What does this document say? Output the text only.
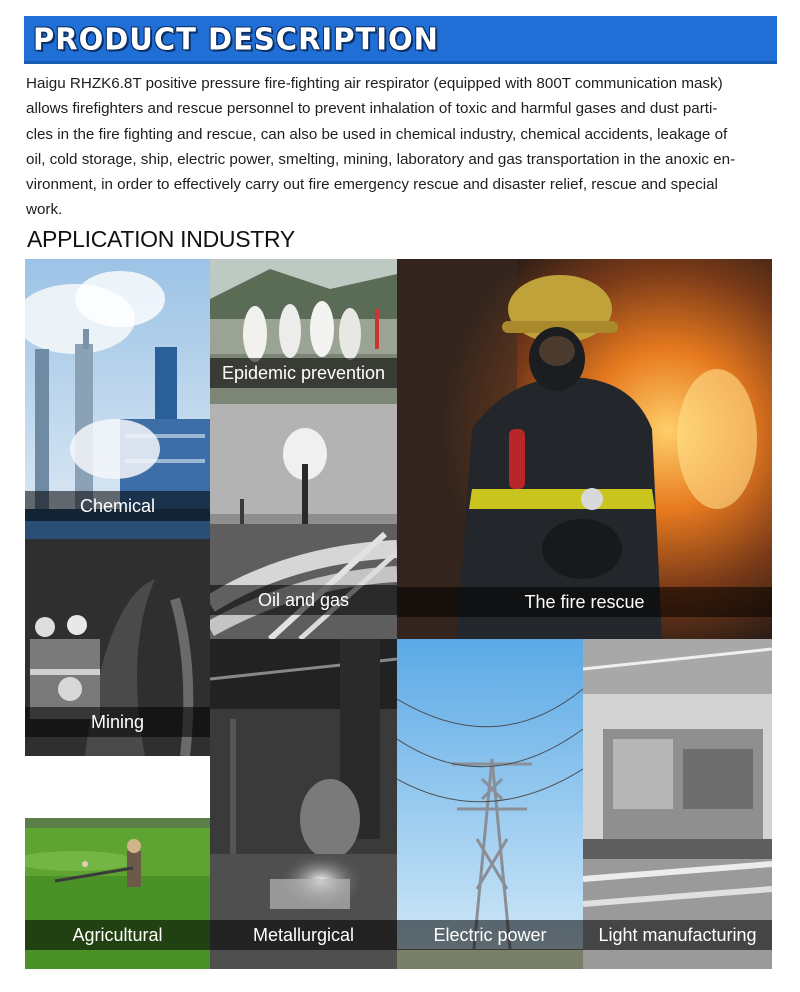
PRODUCT DESCRIPTION
Haigu RHZK6.8T positive pressure fire-fighting air respirator (equipped with 800T communication mask)
allows firefighters and rescue personnel to prevent inhalation of toxic and harmful gases and dust parti-
cles in the fire fighting and rescue, can also be used in chemical industry, chemical accidents, leakage of
oil, cold storage, ship, electric power, smelting, mining, laboratory and gas transportation in the anoxic en-
vironment, in order to effectively carry out fire emergency rescue and disaster relief, rescue and special
work.
APPLICATION INDUSTRY
Chemical
Epidemic prevention
The fire rescue
Oil and gas
Mining
Agricultural	Metallurgical	Electric power	Light manufacturing
